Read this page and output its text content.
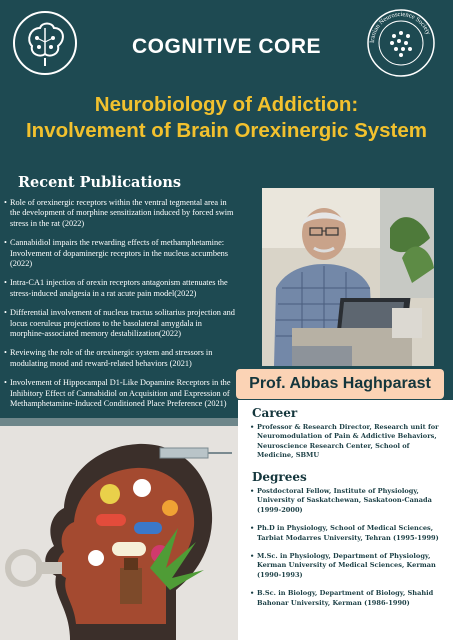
Iranian Neuroscience Society
COGNITIVE CORE
Neurobiology of Addiction:
Involvement of Brain Orexinergic System
Recent Publications
• Role of orexinergic receptors within the ventral tegmental area in the development of morphine sensitization induced by forced swim stress in the rat (2022)
• Cannabidiol impairs the rewarding effects of methamphetamine: Involvement of dopaminergic receptors in the nucleus accumbens (2022)
• Intra-CA1 injection of orexin receptors antagonism attenuates the stress-induced analgesia in a rat acute pain model(2022)
• Differential involvement of nucleus tractus solitarius projection and locus coeruleus projections to the basolateral amygdala in morphine-associated memory destabilization(2022)
• Reviewing the role of the orexinergic system and stressors in modulating mood and reward-related behaviors (2021)
• Involvement of Hippocampal D1-Like Dopamine Receptors in the Inhibitory Effect of Cannabidiol on Acquisition and Expression of Methamphetamine-Induced Conditioned Place Preference (2021)
Prof. Abbas Haghparast
Career
• Professor & Research Director, Research unit for Neuromodulation of Pain & Addictive Behaviors, Neuroscience Research Center, School of Medicine, SBMU
Degrees
• Postdoctoral Fellow, Institute of Physiology, University of Saskatchewan, Saskatoon-Canada (1999-2000)
• Ph.D in Physiology, School of Medical Sciences, Tarbiat Modarres University, Tehran (1995-1999)
• M.Sc. in Physiology, Department of Physiology, Kerman University of Medical Sciences, Kerman (1990-1993)
• B.Sc. in Biology, Department of Biology, Shahid Bahonar University, Kerman (1986-1990)
